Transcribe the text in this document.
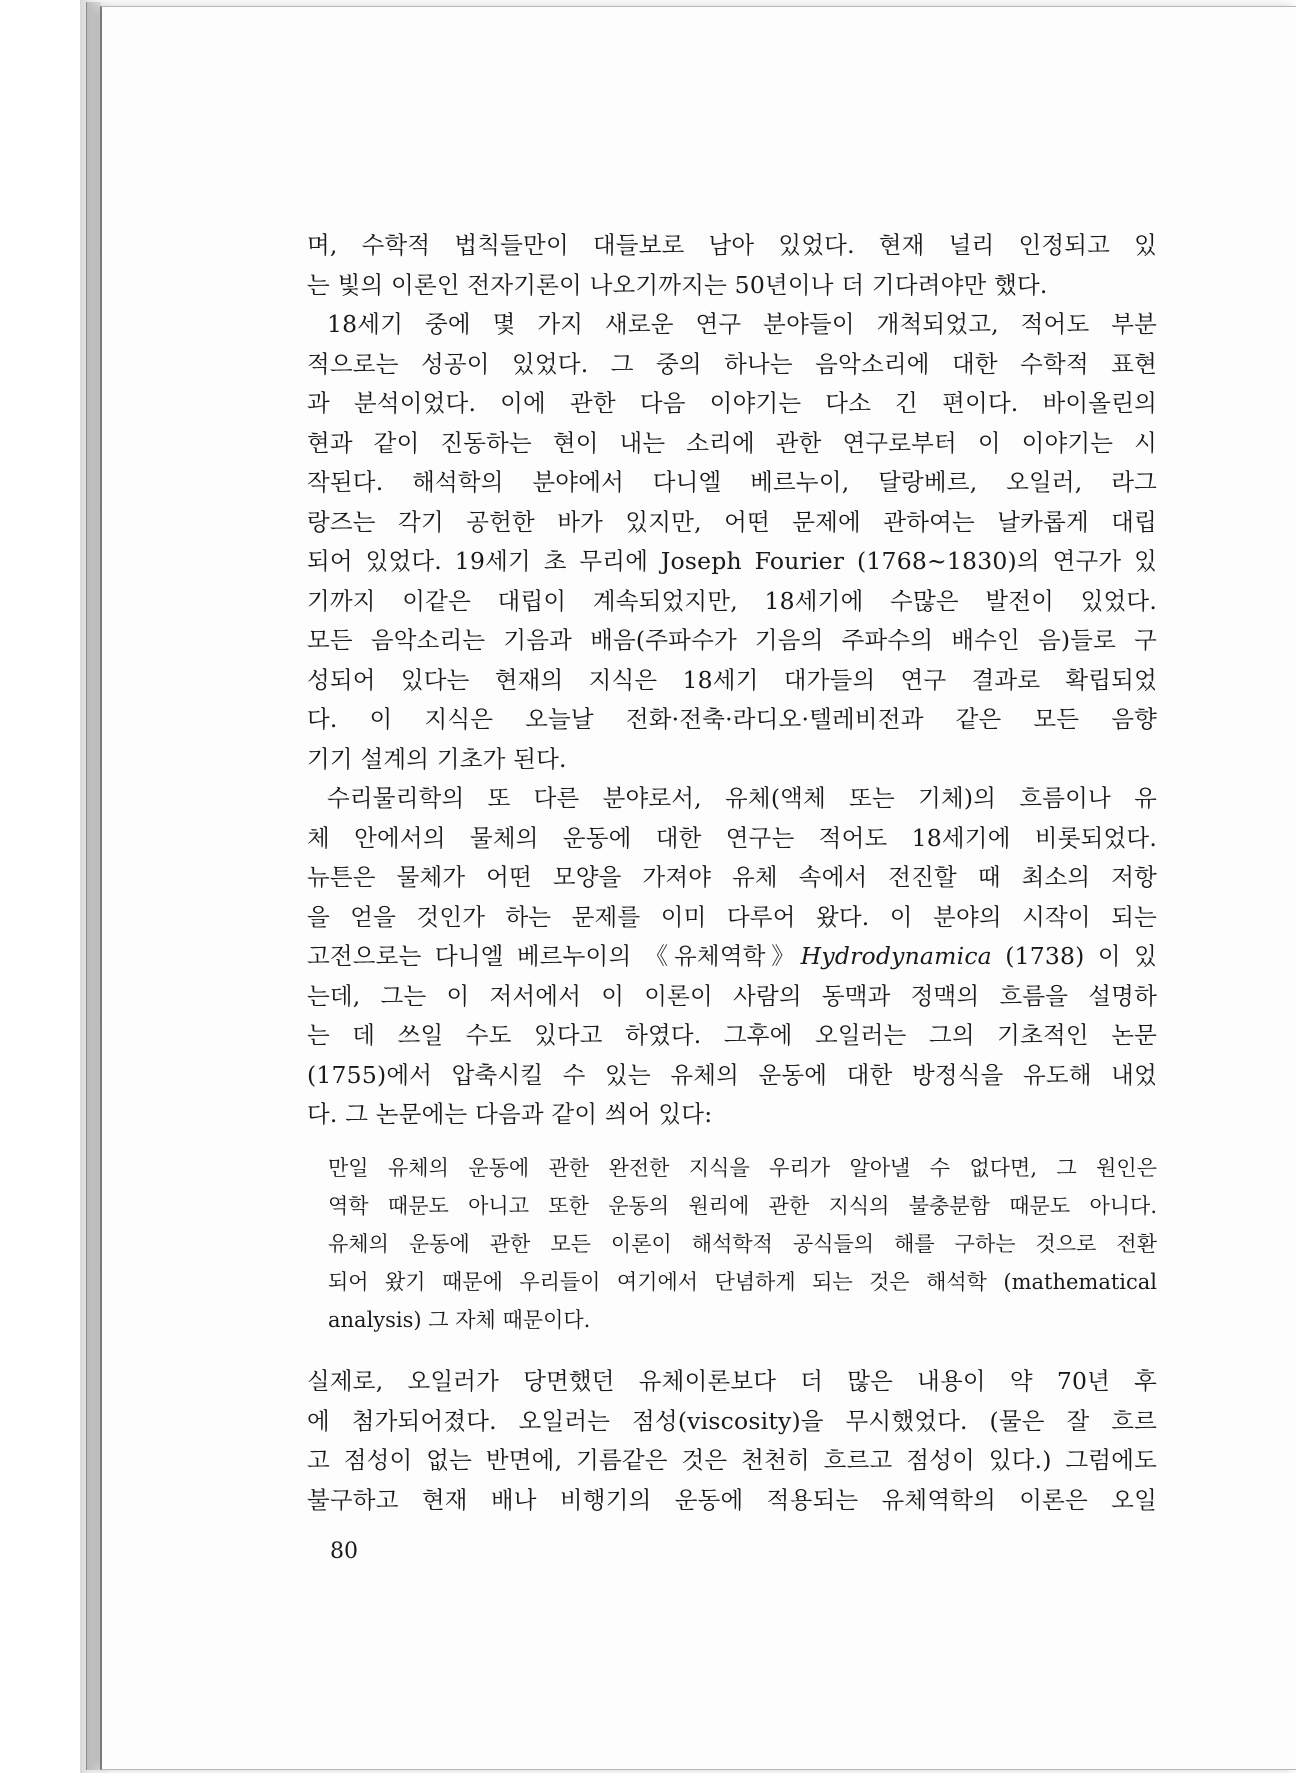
며, 수학적 법칙들만이 대들보로 남아 있었다. 현재 널리 인정되고 있
는 빛의 이론인 전자기론이 나오기까지는 50년이나 더 기다려야만 했다.
18세기 중에 몇 가지 새로운 연구 분야들이 개척되었고, 적어도 부분
적으로는 성공이 있었다. 그 중의 하나는 음악소리에 대한 수학적 표현
과 분석이었다. 이에 관한 다음 이야기는 다소 긴 편이다. 바이올린의
현과 같이 진동하는 현이 내는 소리에 관한 연구로부터 이 이야기는 시
작된다. 해석학의 분야에서 다니엘 베르누이, 달랑베르, 오일러, 라그
랑즈는 각기 공헌한 바가 있지만, 어떤 문제에 관하여는 날카롭게 대립
되어 있었다. 19세기 초 무리에 Joseph Fourier (1768~1830)의 연구가 있
기까지 이같은 대립이 계속되었지만, 18세기에 수많은 발전이 있었다.
모든 음악소리는 기음과 배음(주파수가 기음의 주파수의 배수인 음)들로 구
성되어 있다는 현재의 지식은 18세기 대가들의 연구 결과로 확립되었
다. 이 지식은 오늘날 전화·전축·라디오·텔레비전과 같은 모든 음향
기기 설계의 기초가 된다.
수리물리학의 또 다른 분야로서, 유체(액체 또는 기체)의 흐름이나 유
체 안에서의 물체의 운동에 대한 연구는 적어도 18세기에 비롯되었다.
뉴튼은 물체가 어떤 모양을 가져야 유체 속에서 전진할 때 최소의 저항
을 얻을 것인가 하는 문제를 이미 다루어 왔다. 이 분야의 시작이 되는
고전으로는 다니엘 베르누이의 《유체역학》Hydrodynamica (1738) 이 있
는데, 그는 이 저서에서 이 이론이 사람의 동맥과 정맥의 흐름을 설명하
는 데 쓰일 수도 있다고 하였다. 그후에 오일러는 그의 기초적인 논문
(1755)에서 압축시킬 수 있는 유체의 운동에 대한 방정식을 유도해 내었
다. 그 논문에는 다음과 같이 씌어 있다:
만일 유체의 운동에 관한 완전한 지식을 우리가 알아낼 수 없다면, 그 원인은
역학 때문도 아니고 또한 운동의 원리에 관한 지식의 불충분함 때문도 아니다.
유체의 운동에 관한 모든 이론이 해석학적 공식들의 해를 구하는 것으로 전환
되어 왔기 때문에 우리들이 여기에서 단념하게 되는 것은 해석학 (mathematical
analysis) 그 자체 때문이다.
실제로, 오일러가 당면했던 유체이론보다 더 많은 내용이 약 70년 후
에 첨가되어졌다. 오일러는 점성(viscosity)을 무시했었다. (물은 잘 흐르
고 점성이 없는 반면에, 기름같은 것은 천천히 흐르고 점성이 있다.) 그럼에도
불구하고 현재 배나 비행기의 운동에 적용되는 유체역학의 이론은 오일
80
